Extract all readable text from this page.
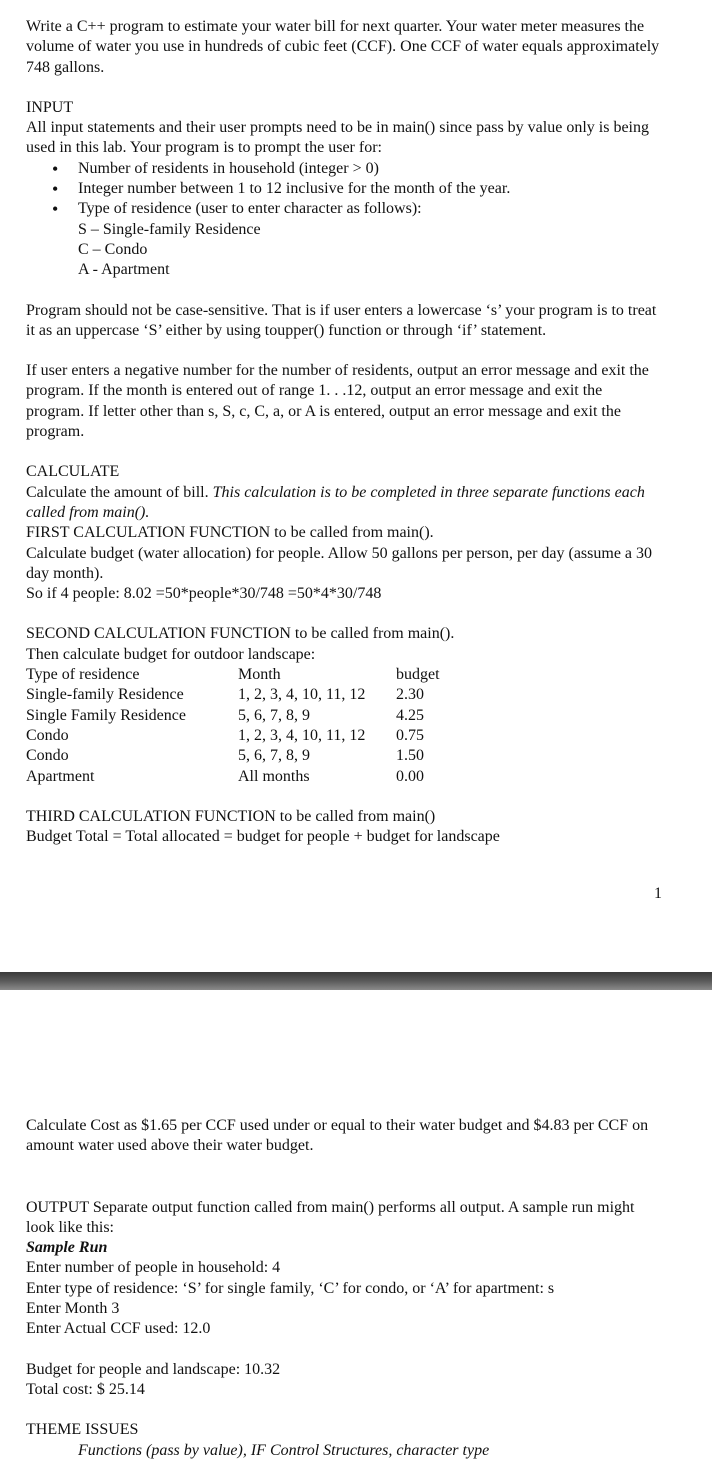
Write a C++ program to estimate your water bill for next quarter. Your water meter measures the volume of water you use in hundreds of cubic feet (CCF). One CCF of water equals approximately 748 gallons.

INPUT

All input statements and their user prompts need to be in main() since pass by value only is being used in this lab. Your program is to prompt the user for:

• Number of residents in household (integer > 0)
• Integer number between 1 to 12 inclusive for the month of the year.
• Type of residence (user to enter character as follows):

S – Single-family Residence

C – Condo

A - Apartment

Program should not be case-sensitive. That is if user enters a lowercase ‘s’ your program is to treat it as an uppercase ‘S’ either by using toupper() function or through ‘if’ statement.

If user enters a negative number for the number of residents, output an error message and exit the program. If the month is entered out of range 1. . .12, output an error message and exit the program. If letter other than s, S, c, C, a, or A is entered, output an error message and exit the program.

CALCULATE

Calculate the amount of bill. This calculation is to be completed in three separate functions each called from main().

FIRST CALCULATION FUNCTION to be called from main().

Calculate budget (water allocation) for people. Allow 50 gallons per person, per day (assume a 30 day month).

So if 4 people: 8.02 =50*people*30/748 =50*4*30/748

SECOND CALCULATION FUNCTION to be called from main().

Then calculate budget for outdoor landscape:

Type of residence	Month	budget
Single-family Residence	1, 2, 3, 4, 10, 11, 12	2.30
Single Family Residence	5, 6, 7, 8, 9	4.25
Condo	1, 2, 3, 4, 10, 11, 12	0.75
Condo	5, 6, 7, 8, 9	1.50
Apartment	All months	0.00

THIRD CALCULATION FUNCTION to be called from main()

Budget Total = Total allocated = budget for people + budget for landscape

1

Calculate Cost as $1.65 per CCF used under or equal to their water budget and $4.83 per CCF on amount water used above their water budget.

OUTPUT Separate output function called from main() performs all output. A sample run might look like this:

Sample Run

Enter number of people in household: 4

Enter type of residence: ‘S’ for single family, ‘C’ for condo, or ‘A’ for apartment: s

Enter Month 3

Enter Actual CCF used: 12.0

Budget for people and landscape: 10.32

Total cost: $ 25.14

THEME ISSUES

Functions (pass by value), IF Control Structures, character type
